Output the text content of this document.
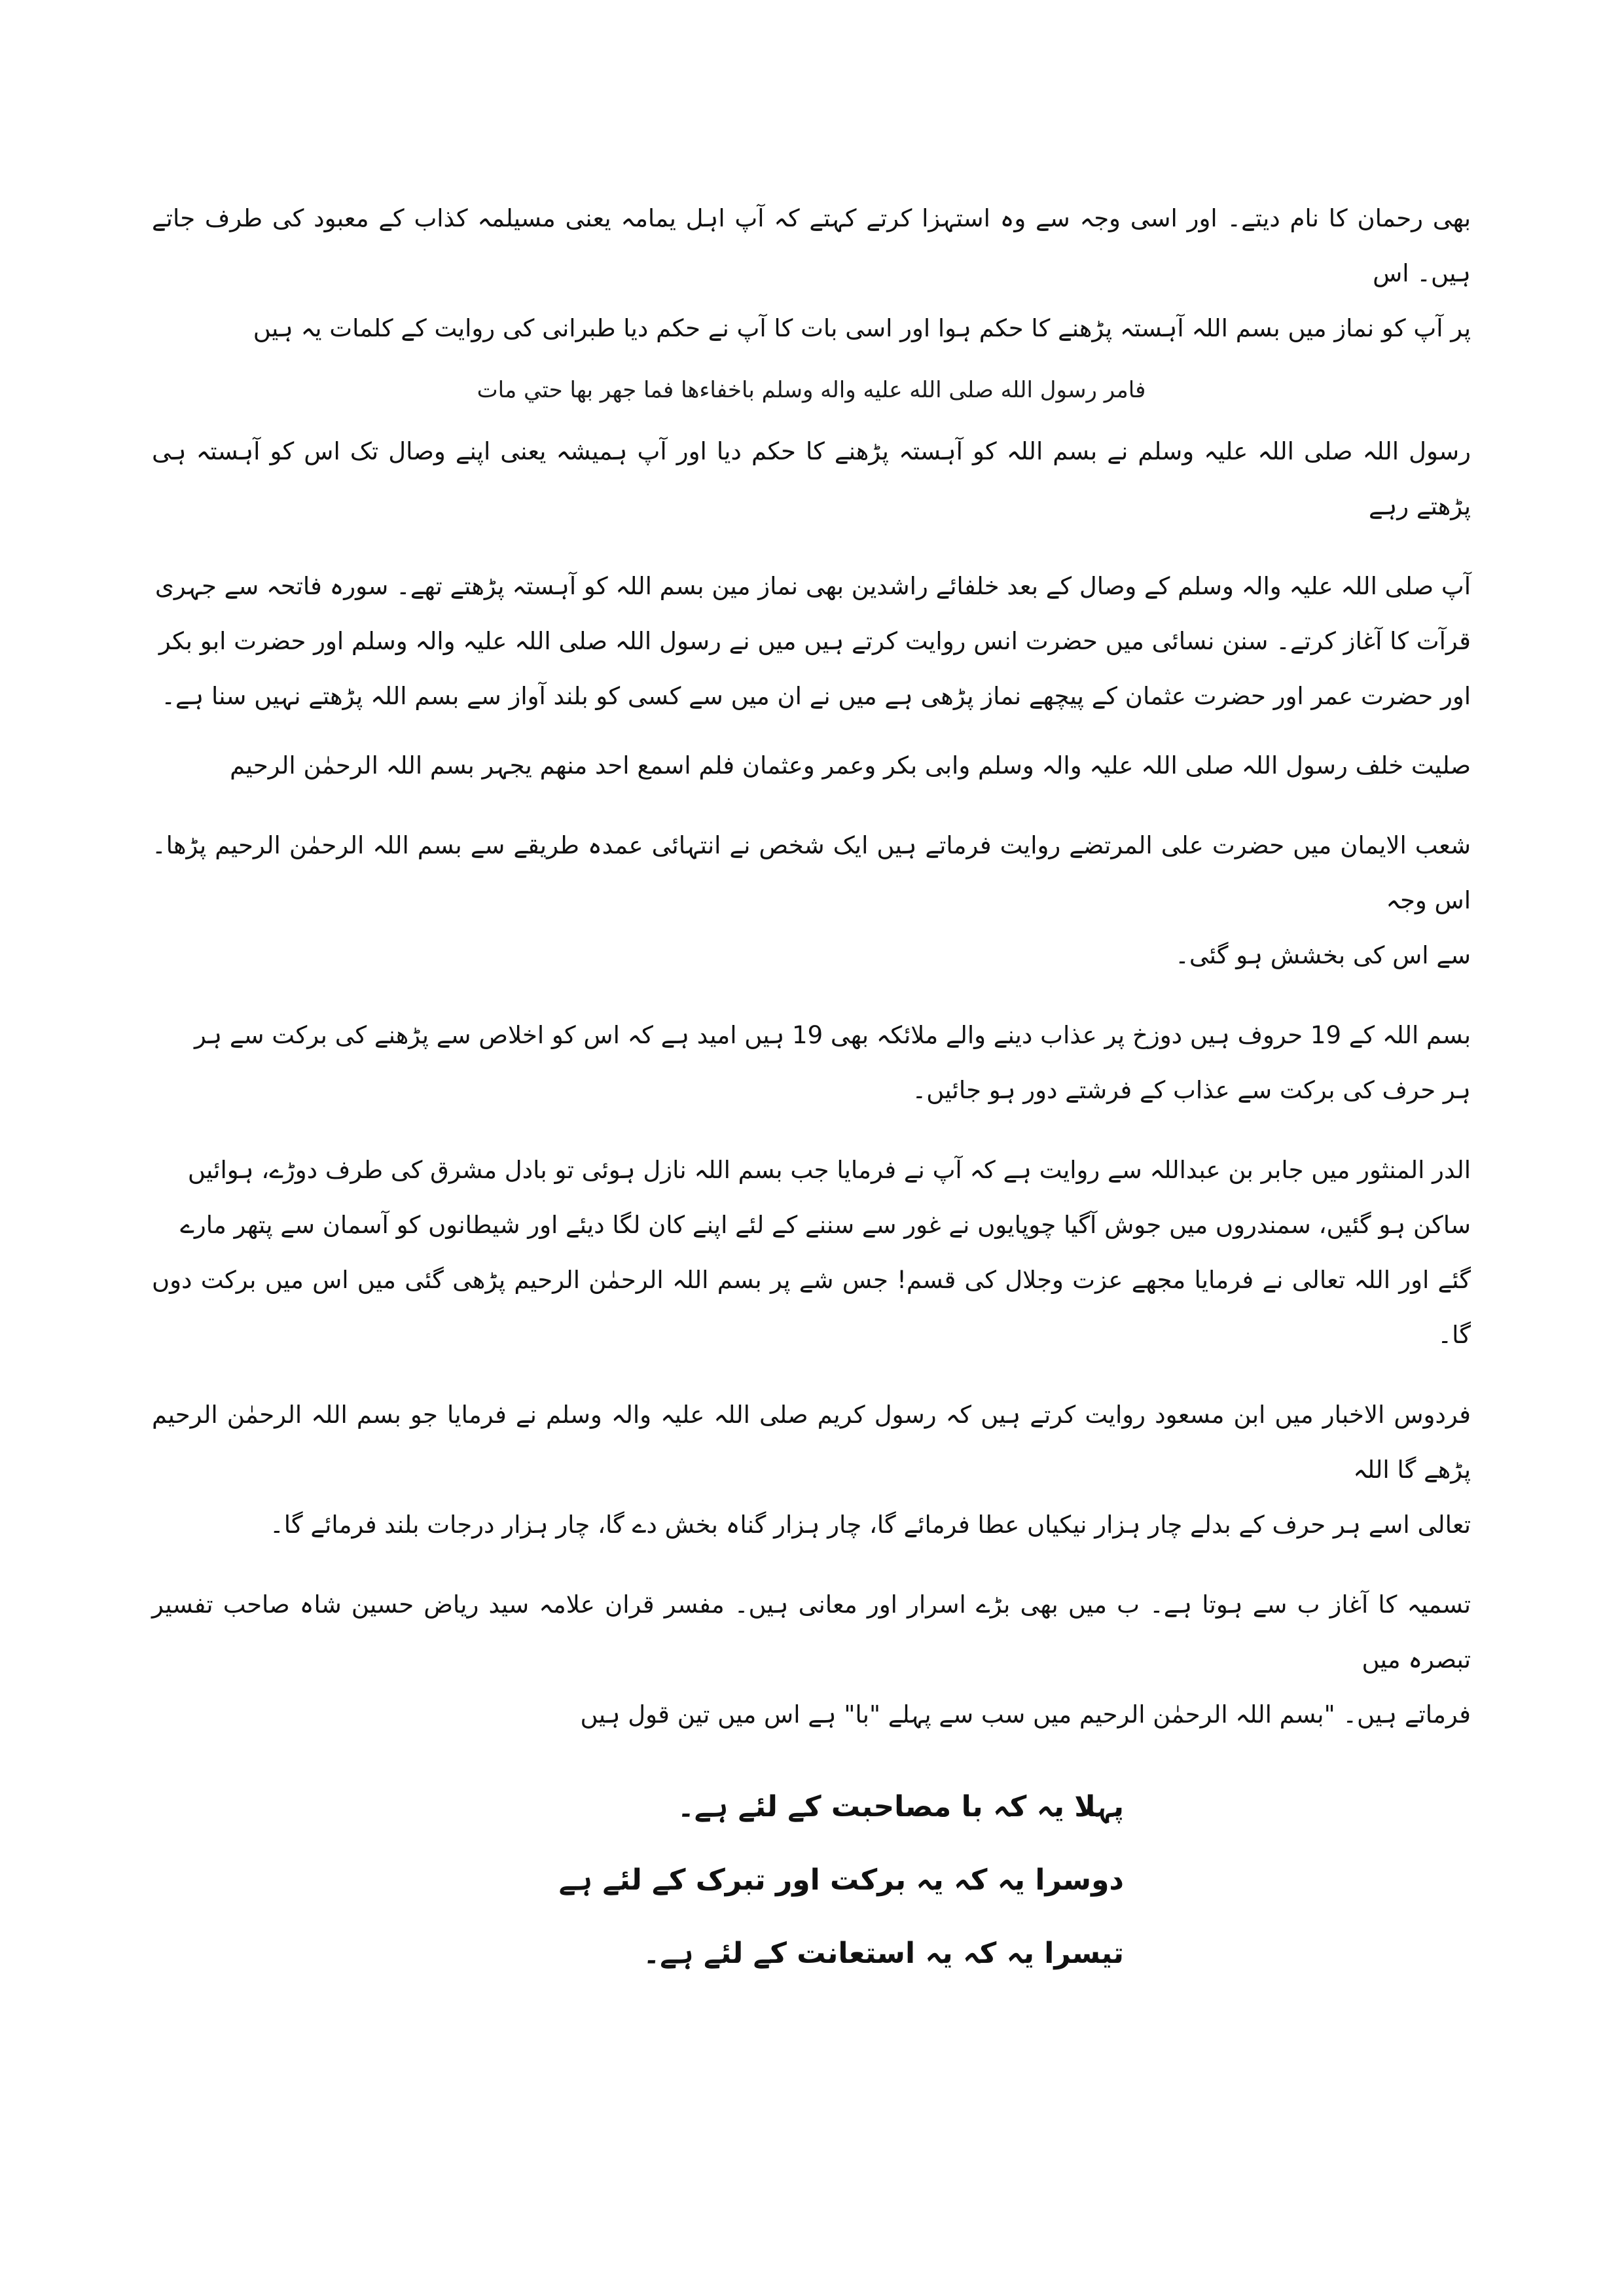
بھی رحمان کا نام دیتے۔ اور اسی وجہ سے وہ استہزا کرتے کہتے کہ آپ اہل یمامہ یعنی مسیلمہ کذاب کے معبود کی طرف جاتے ہیں۔ اس
پر آپ کو نماز میں بسم اللہ آہستہ پڑھنے کا حکم ہوا اور اسی بات کا آپ نے حکم دیا طبرانی کی روایت کے کلمات یہ ہیں

فامر رسول الله صلى الله عليه واله وسلم باخفاءها فما جهر بها حتي مات

رسول اللہ صلی اللہ علیہ وسلم نے بسم اللہ کو آہستہ پڑھنے کا حکم دیا اور آپ ہمیشہ یعنی اپنے وصال تک اس کو آہستہ ہی پڑھتے رہے

آپ صلی اللہ علیہ والہ وسلم کے وصال کے بعد خلفائے راشدین بھی نماز مین بسم اللہ کو آہستہ پڑھتے تھے۔ سورہ فاتحہ سے جہری
قرآت کا آغاز کرتے۔ سنن نسائی میں حضرت انس روایت کرتے ہیں میں نے رسول اللہ صلی اللہ علیہ والہ وسلم اور حضرت ابو بکر
اور حضرت عمر اور حضرت عثمان کے پیچھے نماز پڑھی ہے میں نے ان میں سے کسی کو بلند آواز سے بسم اللہ پڑھتے نہیں سنا ہے۔

صلیت خلف رسول اللہ صلی اللہ علیہ والہ وسلم وابی بکر وعمر وعثمان فلم اسمع احد منھم یجہر بسم اللہ الرحمٰن الرحیم

شعب الایمان میں حضرت علی المرتضے روایت فرماتے ہیں ایک شخص نے انتہائی عمدہ طریقے سے بسم اللہ الرحمٰن الرحیم پڑھا۔ اس وجہ
سے اس کی بخشش ہو گئی۔

بسم اللہ کے 19 حروف ہیں دوزخ پر عذاب دینے والے ملائکہ بھی 19 ہیں امید ہے کہ اس کو اخلاص سے پڑھنے کی برکت سے ہر
ہر حرف کی برکت سے عذاب کے فرشتے دور ہو جائیں۔

الدر المنثور میں جابر بن عبداللہ سے روایت ہے کہ آپ نے فرمایا جب بسم اللہ نازل ہوئی تو بادل مشرق کی طرف دوڑے، ہوائیں
ساکن ہو گئیں، سمندروں میں جوش آگیا چوپایوں نے غور سے سننے کے لئے اپنے کان لگا دیئے اور شیطانوں کو آسمان سے پتھر مارے
گئے اور اللہ تعالی نے فرمایا مجھے عزت وجلال کی قسم! جس شے پر بسم اللہ الرحمٰن الرحیم پڑھی گئی میں اس میں برکت دوں گا۔

فردوس الاخبار میں ابن مسعود روایت کرتے ہیں کہ رسول کریم صلی اللہ علیہ والہ وسلم نے فرمایا جو بسم اللہ الرحمٰن الرحیم پڑھے گا اللہ
تعالی اسے ہر حرف کے بدلے چار ہزار نیکیاں عطا فرمائے گا، چار ہزار گناہ بخش دے گا، چار ہزار درجات بلند فرمائے گا۔

تسمیہ کا آغاز ب سے ہوتا ہے۔ ب میں بھی بڑے اسرار اور معانی ہیں۔ مفسر قران علامہ سید ریاض حسین شاہ صاحب تفسیر تبصرہ میں
فرماتے ہیں۔ "بسم اللہ الرحمٰن الرحیم میں سب سے پہلے "با" ہے اس میں تین قول ہیں

پہلا یہ کہ با مصاحبت کے لئے ہے۔

دوسرا یہ کہ یہ برکت اور تبرک کے لئے ہے

تیسرا یہ کہ یہ استعانت کے لئے ہے۔
